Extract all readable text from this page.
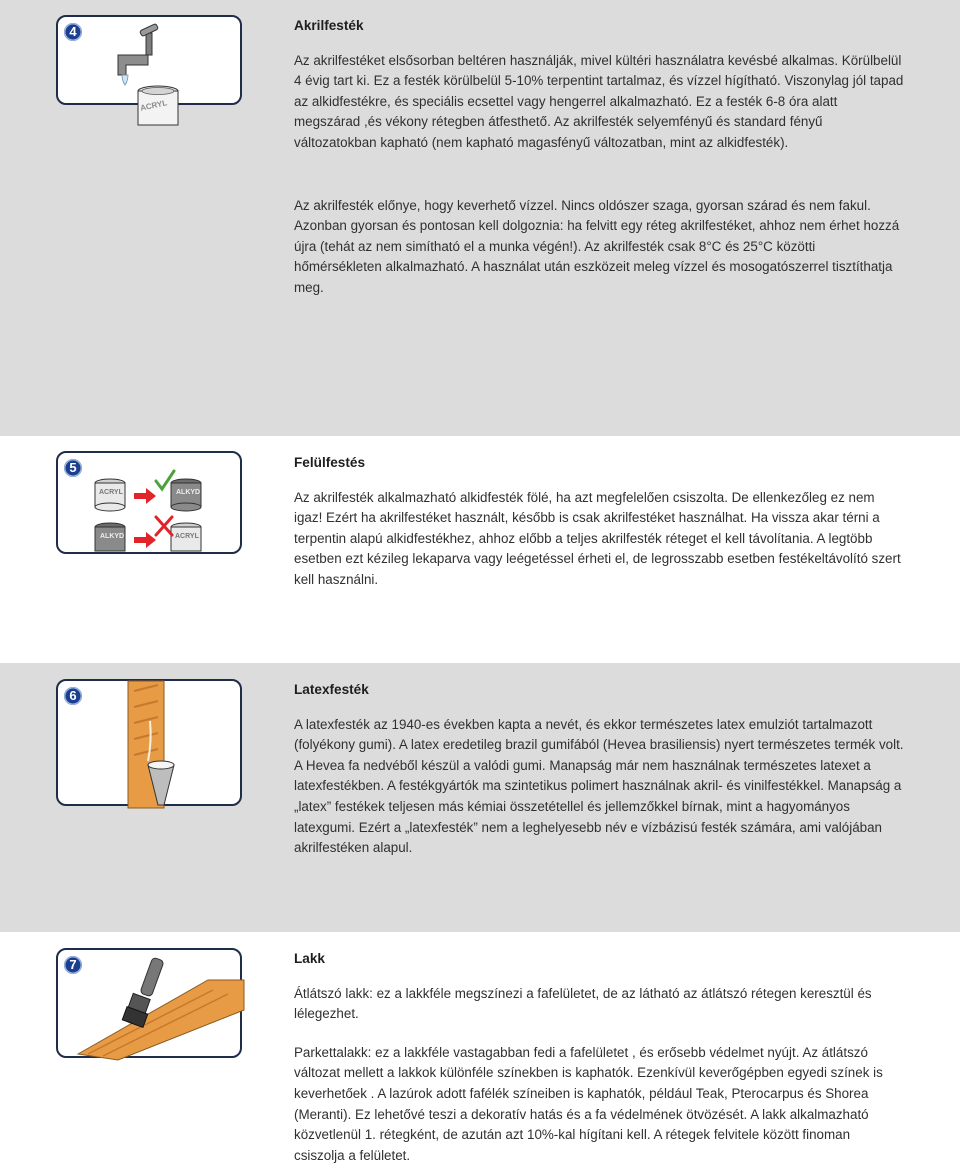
4
ACRYL

Akrilfesték

Az akrilfestéket elsősorban beltéren használják, mivel kültéri használatra kevésbé alkalmas. Körülbelül 4 évig tart ki. Ez a festék körülbelül 5-10% terpentint tartalmaz, és vízzel hígítható. Viszonylag jól tapad az alkidfestékre, és speciális ecsettel vagy hengerrel alkalmazható. Ez a festék 6-8 óra alatt megszárad ,és vékony rétegben átfesthető. Az akrilfesték selyemfényű és standard fényű változatokban kapható (nem kapható magasfényű változatban, mint az alkidfesték).

Az akrilfesték előnye, hogy keverhető vízzel. Nincs oldószer szaga, gyorsan szárad és nem fakul. Azonban gyorsan és pontosan kell dolgoznia: ha felvitt egy réteg akrilfestéket, ahhoz nem érhet hozzá újra (tehát az nem simítható el a munka végén!). Az akrilfesték csak 8°C és 25°C közötti hőmérsékleten alkalmazható. A használat után eszközeit meleg vízzel és mosogatószerrel tisztíthatja meg.

5
ACRYL	ALKYD
ALKYD	ACRYL

Felülfestés

Az akrilfesték alkalmazható alkidfesték fölé, ha azt megfelelően csiszolta. De ellenkezőleg ez nem igaz! Ezért ha akrilfestéket használt, később is csak akrilfestéket használhat. Ha vissza akar térni a terpentin alapú alkidfestékhez, ahhoz előbb a teljes akrilfesték réteget el kell távolítania. A legtöbb esetben ezt kézileg lekaparva vagy leégetéssel érheti el, de legrosszabb esetben festékeltávolító szert kell használni.

6	Latexfesték

A latexfesték az 1940-es években kapta a nevét, és ekkor természetes latex emulziót tartalmazott (folyékony gumi). A latex eredetileg brazil gumifából (Hevea brasiliensis) nyert természetes termék volt. A Hevea fa nedvéből készül a valódi gumi. Manapság már nem használnak természetes latexet a latexfestékben. A festékgyártók ma szintetikus polimert használnak akril- és vinilfestékkel. Manapság a „latex” festékek teljesen más kémiai összetétellel és jellemzőkkel bírnak, mint a hagyományos latexgumi. Ezért a „latexfesték” nem a leghelyesebb név e vízbázisú festék számára, ami valójában akrilfestéken alapul.

7	Lakk

Átlátszó lakk: ez a lakkféle megszínezi a fafelületet, de az látható az átlátszó rétegen keresztül és lélegezhet.

Parkettalakk: ez a lakkféle vastagabban fedi a fafelületet , és erősebb védelmet nyújt. Az átlátszó változat mellett a lakkok különféle színekben is kaphatók. Ezenkívül keverőgépben egyedi színek is keverhetőek . A lazúrok adott fafélék színeiben is kaphatók, például Teak, Pterocarpus és Shorea (Meranti). Ez lehetővé teszi a dekoratív hatás és a fa védelmének ötvözését. A lakk alkalmazható közvetlenül 1. rétegként, de azután azt 10%-kal hígítani kell. A rétegek felvitele között finoman csiszolja a felületet.
